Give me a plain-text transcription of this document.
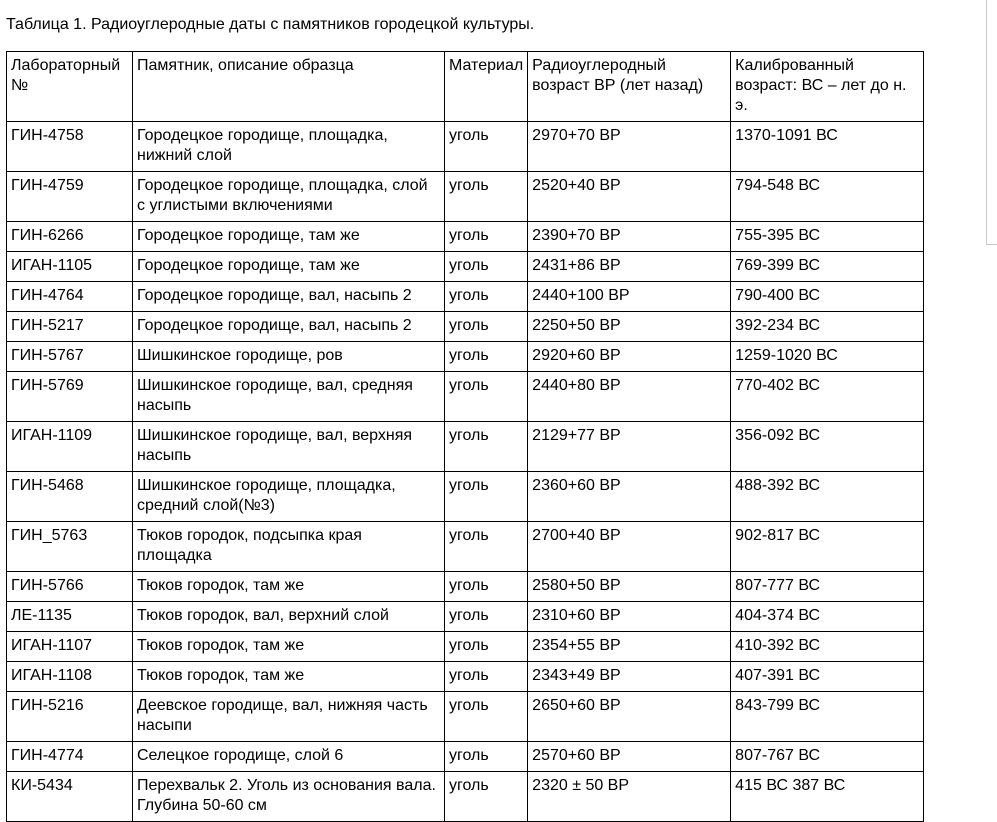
Таблица 1. Радиоуглеродные даты с памятников городецкой культуры.
Лабораторный №	Памятник, описание образца	Материал	Радиоуглеродный возраст ВР (лет назад)	Калиброванный возраст: ВС – лет до н. э.
ГИН-4758	Городецкое городище, площадка, нижний слой	уголь	2970+70 ВР	1370-1091 ВС
ГИН-4759	Городецкое городище, площадка, слой с углистыми включениями	уголь	2520+40 ВР	794-548 ВС
ГИН-6266	Городецкое городище, там же	уголь	2390+70 ВР	755-395 ВС
ИГАН-1105	Городецкое городище, там же	уголь	2431+86 ВР	769-399 ВС
ГИН-4764	Городецкое городище, вал, насыпь 2	уголь	2440+100 ВР	790-400 ВС
ГИН-5217	Городецкое городище, вал, насыпь 2	уголь	2250+50 ВР	392-234 ВС
ГИН-5767	Шишкинское городище, ров	уголь	2920+60 ВР	1259-1020 ВС
ГИН-5769	Шишкинское городище, вал, средняя насыпь	уголь	2440+80 ВР	770-402 ВС
ИГАН-1109	Шишкинское городище, вал, верхняя насыпь	уголь	2129+77 ВР	356-092 ВС
ГИН-5468	Шишкинское городище, площадка, средний слой(№3)	уголь	2360+60 ВР	488-392 ВС
ГИН_5763	Тюков городок, подсыпка края площадка	уголь	2700+40 ВР	902-817 ВС
ГИН-5766	Тюков городок, там же	уголь	2580+50 ВР	807-777 ВС
ЛЕ-1135	Тюков городок, вал, верхний слой	уголь	2310+60 ВР	404-374 ВС
ИГАН-1107	Тюков городок, там же	уголь	2354+55 ВР	410-392 ВС
ИГАН-1108	Тюков городок, там же	уголь	2343+49 ВР	407-391 ВС
ГИН-5216	Деевское городище, вал, нижняя часть насыпи	уголь	2650+60 ВР	843-799 ВС
ГИН-4774	Селецкое городище, слой 6	уголь	2570+60 ВР	807-767 ВС
КИ-5434	Перехвальк 2. Уголь из основания вала. Глубина 50-60 см	уголь	2320 ± 50 ВР	415 ВС 387 ВС
